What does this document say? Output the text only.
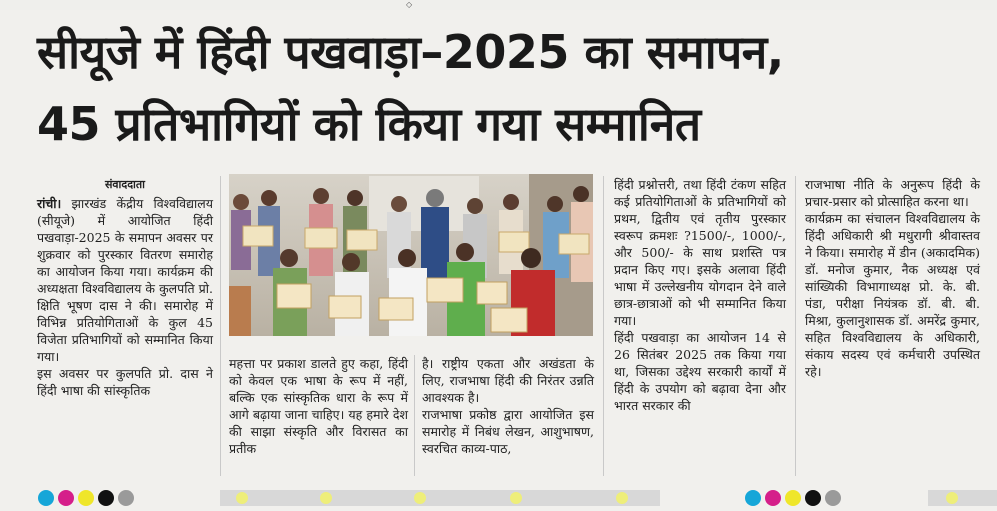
◇
सीयूजे में हिंदी पखवाड़ा–2025 का समापन,
45 प्रतिभागियों को किया गया सम्मानित
संवाददाता

रांची। झारखंड केंद्रीय विश्वविद्यालय (सीयूजे) में आयोजित हिंदी पखवाड़ा-2025 के समापन अवसर पर शुक्रवार को पुरस्कार वितरण समारोह का आयोजन किया गया। कार्यक्रम की अध्यक्षता विश्वविद्यालय के कुलपति प्रो. क्षिति भूषण दास ने की। समारोह में विभिन्न प्रतियोगिताओं के कुल 45 विजेता प्रतिभागियों को सम्मानित किया गया।

इस अवसर पर कुलपति प्रो. दास ने हिंदी भाषा की सांस्कृतिक

महत्ता पर प्रकाश डालते हुए कहा, हिंदी को केवल एक भाषा के रूप में नहीं, बल्कि एक सांस्कृतिक धारा के रूप में आगे बढ़ाया जाना चाहिए। यह हमारे देश की साझा संस्कृति और विरासत का प्रतीक

है। राष्ट्रीय एकता और अखंडता के लिए, राजभाषा हिंदी की निरंतर उन्नति आवश्यक है।

राजभाषा प्रकोष्ठ द्वारा आयोजित इस समारोह में निबंध लेखन, आशुभाषण, स्वरचित काव्य-पाठ,

हिंदी प्रश्नोत्तरी, तथा हिंदी टंकण सहित कई प्रतियोगिताओं के प्रतिभागियों को प्रथम, द्वितीय एवं तृतीय पुरस्कार स्वरूप क्रमशः ?1500/-, 1000/-, और 500/- के साथ प्रशस्ति पत्र प्रदान किए गए। इसके अलावा हिंदी भाषा में उल्लेखनीय योगदान देने वाले छात्र-छात्राओं को भी सम्मानित किया गया।

हिंदी पखवाड़ा का आयोजन 14 से 26 सितंबर 2025 तक किया गया था, जिसका उद्देश्य सरकारी कार्यों में हिंदी के उपयोग को बढ़ावा देना और भारत सरकार की

राजभाषा नीति के अनुरूप हिंदी के प्रचार-प्रसार को प्रोत्साहित करना था।

कार्यक्रम का संचालन विश्वविद्यालय के हिंदी अधिकारी श्री मधुरागी श्रीवास्तव ने किया। समारोह में डीन (अकादमिक) डॉ. मनोज कुमार, नैक अध्यक्ष एवं सांख्यिकी विभागाध्यक्ष प्रो. के. बी. पंडा, परीक्षा नियंत्रक डॉ. बी. बी. मिश्रा, कुलानुशासक डॉ. अमरेंद्र कुमार, सहित विश्वविद्यालय के अधिकारी, संकाय सदस्य एवं कर्मचारी उपस्थित रहे।
